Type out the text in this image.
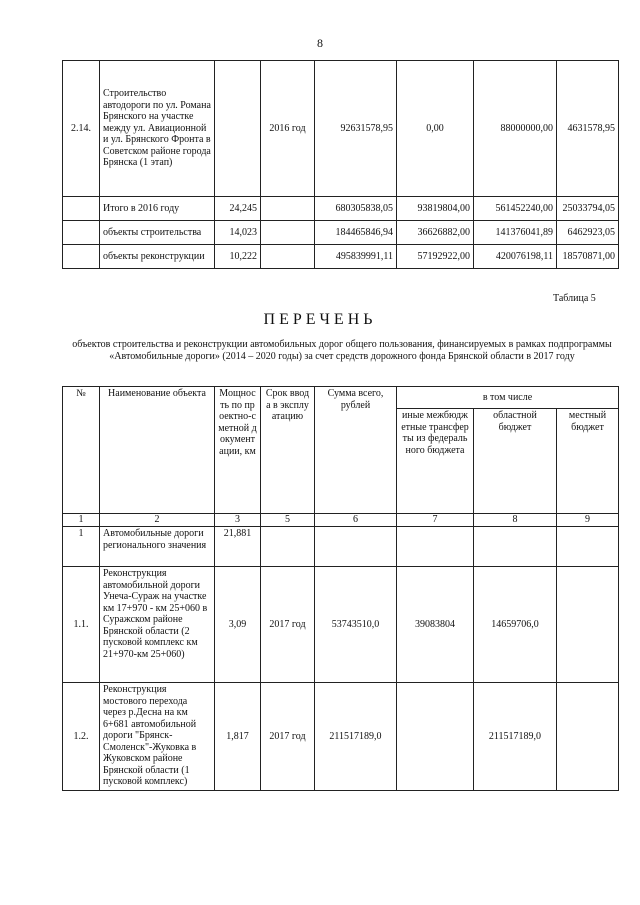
8
2.14.	Строительство автодороги по ул. Романа Брянского на участке между ул. Авиационной и ул. Брянского Фронта в Советском районе города Брянска (1 этап)		2016 год	92631578,95	0,00	88000000,00	4631578,95
	Итого в 2016 году	24,245		680305838,05	93819804,00	561452240,00	25033794,05
	объекты строительства	14,023		184465846,94	36626882,00	141376041,89	6462923,05
	объекты реконструкции	10,222		495839991,11	57192922,00	420076198,11	18570871,00
Таблица 5
ПЕРЕЧЕНЬ
объектов строительства и реконструкции автомобильных дорог общего пользования, финансируемых в рамках подпрограммы «Автомобильные дороги» (2014 – 2020 годы) за счет средств дорожного фонда Брянской области в 2017 году
№	Наименование объекта	Мощность по проектно-сметной документации, км	Срок ввода в эксплуатацию	Сумма всего, рублей	в том числе		
					иные межбюджетные трансферты из федерального бюджета	областной бюджет	местный бюджет
1	2	3	5	6	7	8	9
1	Автомобильные дороги регионального значения	21,881					
1.1.	Реконструкция автомобильной дороги Унеча-Сураж на участке км 17+970 - км 25+060 в Суражском районе Брянской области (2 пусковой комплекс км 21+970-км 25+060)	3,09	2017 год	53743510,0	39083804	14659706,0	
1.2.	Реконструкция мостового перехода через р.Десна на км 6+681 автомобильной дороги "Брянск-Смоленск"-Жуковка в Жуковском районе Брянской области (1 пусковой комплекс)	1,817	2017 год	211517189,0		211517189,0	
